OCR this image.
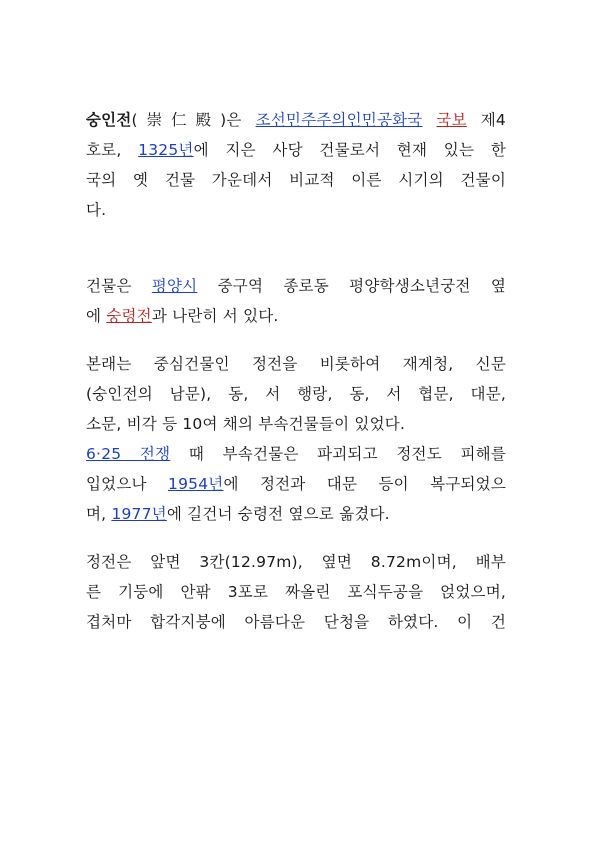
숭인전(崇仁殿)은 조선민주주의인민공화국 국보 제4
호로, 1325년에 지은 사당 건물로서 현재 있는 한
국의 옛 건물 가운데서 비교적 이른 시기의 건물이
다.
건물은 평양시 중구역 종로동 평양학생소년궁전 옆
에 숭령전과 나란히 서 있다.
본래는 중심건물인 정전을 비롯하여 재계청, 신문
(숭인전의 남문), 동, 서 행랑, 동, 서 협문, 대문,
소문, 비각 등 10여 채의 부속건물들이 있었다.
6·25 전쟁 때 부속건물은 파괴되고 정전도 피해를
입었으나 1954년에 정전과 대문 등이 복구되었으
며, 1977년에 길건너 숭령전 옆으로 옮겼다.
정전은 앞면 3칸(12.97m), 옆면 8.72m이며, 배부
른 기둥에 안팎 3포로 짜올린 포식두공을 얹었으며,
겹처마 합각지붕에 아름다운 단청을 하였다. 이 건
